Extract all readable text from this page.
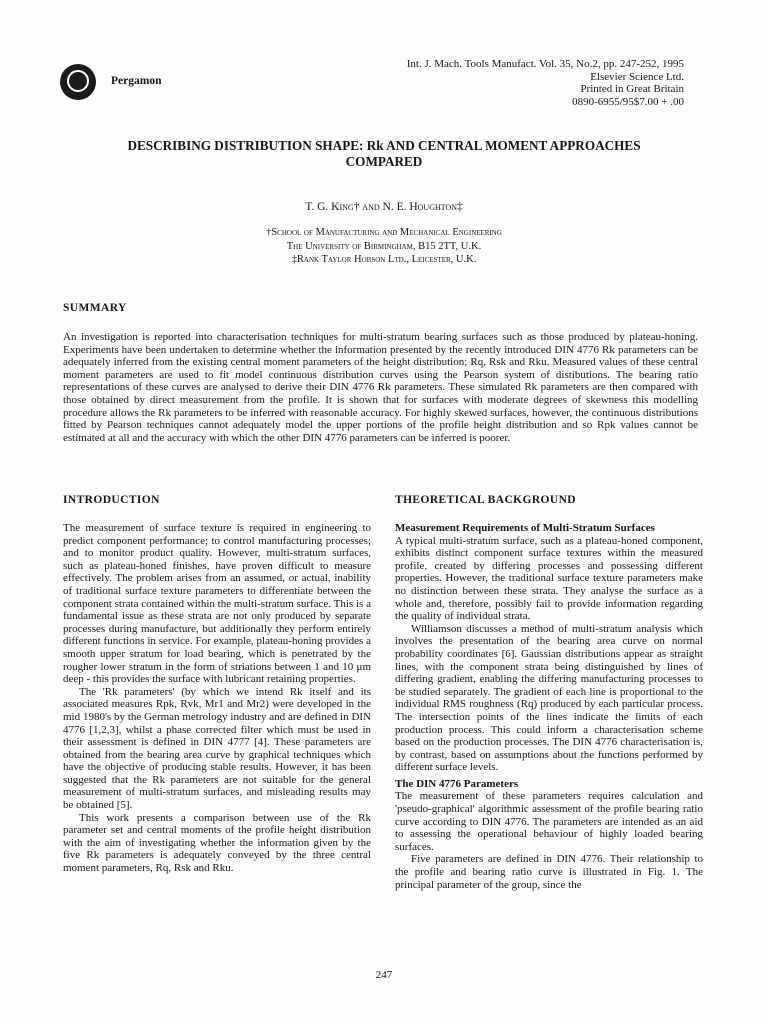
Pergamon
Int. J. Mach. Tools Manufact. Vol. 35, No.2, pp. 247-252, 1995
Elsevier Science Ltd.
Printed in Great Britain
0890-6955/95$7.00 + .00
DESCRIBING DISTRIBUTION SHAPE: Rk AND CENTRAL MOMENT APPROACHES
COMPARED
T. G. King† and N. E. Houghton‡
†School of Manufacturing and Mechanical Engineering
The University of Birmingham, B15 2TT, U.K.
‡Rank Taylor Hobson Ltd., Leicester, U.K.
SUMMARY
An investigation is reported into characterisation techniques for multi-stratum bearing surfaces such as those produced by plateau-honing. Experiments have been undertaken to determine whether the information presented by the recently introduced DIN 4776 Rk parameters can be adequately inferred from the existing central moment parameters of the height distribution; Rq, Rsk and Rku. Measured values of these central moment parameters are used to fit model continuous distribution curves using the Pearson system of distibutions. The bearing ratio representations of these curves are analysed to derive their DIN 4776 Rk parameters. These simulated Rk parameters are then compared with those obtained by direct measurement from the profile. It is shown that for surfaces with moderate degrees of skewness this modelling procedure allows the Rk parameters to be inferred with reasonable accuracy. For highly skewed surfaces, however, the continuous distributions fitted by Pearson techniques cannot adequately model the upper portions of the profile height distribution and so Rpk values cannot be estimated at all and the accuracy with which the other DIN 4776 parameters can be inferred is poorer.
INTRODUCTION	THEORETICAL BACKGROUND

The measurement of surface texture is required in engineering to predict component performance; to control manufacturing processes; and to monitor product quality. However, multi-stratum surfaces, such as plateau-honed finishes, have proven difficult to measure effectively. The problem arises from an assumed, or actual, inability of traditional surface texture parameters to differentiate between the component strata contained within the multi-stratum surface. This is a fundamental issue as these strata are not only produced by separate processes during manufacture, but additionally they perform entirely different functions in service. For example, plateau-honing provides a smooth upper stratum for load bearing, which is penetrated by the rougher lower stratum in the form of striations between 1 and 10 μm deep - this provides the surface with lubricant retaining properties.

The 'Rk parameters' (by which we intend Rk itself and its associated measures Rpk, Rvk, Mr1 and Mr2) were developed in the mid 1980's by the German metrology industry and are defined in DIN 4776 [1,2,3], whilst a phase corrected filter which must be used in their assessment is defined in DIN 4777 [4]. These parameters are obtained from the bearing area curve by graphical techniques which have the objective of producing stable results. However, it has been suggested that the Rk parameters are not suitable for the general measurement of multi-stratum surfaces, and misleading results may be obtained [5].

This work presents a comparison between use of the Rk parameter set and central moments of the profile height distribution with the aim of investigating whether the information given by the five Rk parameters is adequately conveyed by the three central moment parameters, Rq, Rsk and Rku.

Measurement Requirements of Multi-Stratum Surfaces

A typical multi-stratum surface, such as a plateau-honed component, exhibits distinct component surface textures within the measured profile, created by differing processes and possessing different properties. However, the traditional surface texture parameters make no distinction between these strata. They analyse the surface as a whole and, therefore, possibly fail to provide information regarding the quality of individual strata.

Williamson discusses a method of multi-stratum analysis which involves the presentation of the bearing area curve on normal probability coordinates [6]. Gaussian distributions appear as straight lines, with the component strata being distinguished by lines of differing gradient, enabling the differing manufacturing processes to be studied separately. The gradient of each line is proportional to the individual RMS roughness (Rq) produced by each particular process. The intersection points of the lines indicate the limits of each production process. This could inform a characterisation scheme based on the production processes. The DIN 4776 characterisation is, by contrast, based on assumptions about the functions performed by different surface levels.

The DIN 4776 Parameters

The measurement of these parameters requires calculation and 'pseudo-graphical' algorithmic assessment of the profile bearing ratio curve according to DIN 4776. The parameters are intended as an aid to assessing the operational behaviour of highly loaded bearing surfaces.

Five parameters are defined in DIN 4776. Their relationship to the profile and bearing ratio curve is illustrated in Fig. 1. The principal parameter of the group, since the

247
